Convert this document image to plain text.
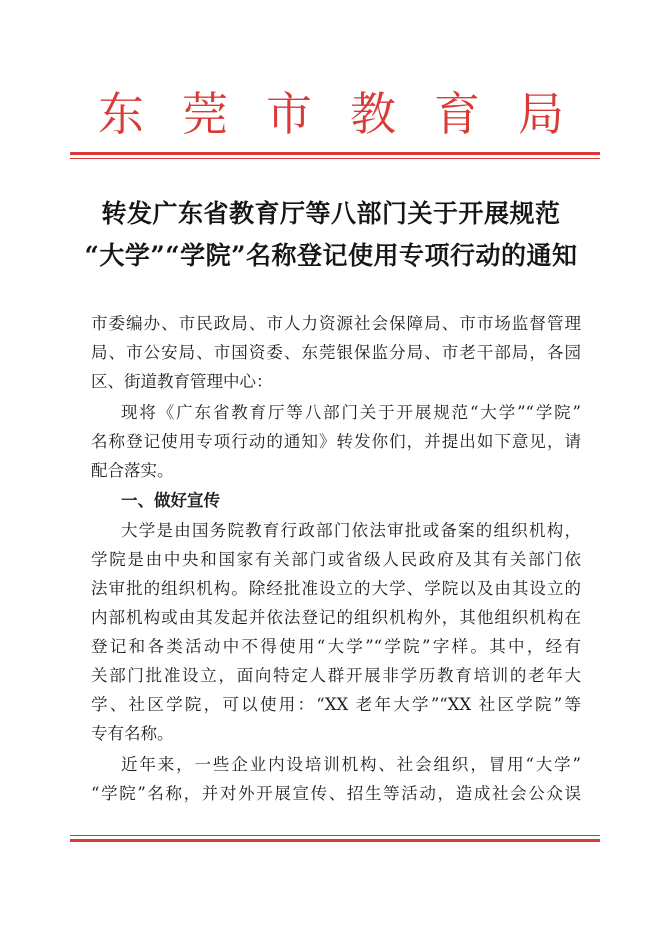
东 莞 市 教 育 局
转发广东省教育厅等八部门关于开展规范
“大学”“学院”名称登记使用专项行动的通知
市委编办、市民政局、市人力资源社会保障局、市市场监督管理
局、市公安局、市国资委、东莞银保监分局、市老干部局，各园
区、街道教育管理中心：
现将《广东省教育厅等八部门关于开展规范“大学”“学院”
名称登记使用专项行动的通知》转发你们，并提出如下意见，请
配合落实。
一、做好宣传
大学是由国务院教育行政部门依法审批或备案的组织机构，
学院是由中央和国家有关部门或省级人民政府及其有关部门依
法审批的组织机构。除经批准设立的大学、学院以及由其设立的
内部机构或由其发起并依法登记的组织机构外，其他组织机构在
登记和各类活动中不得使用“大学”“学院”字样。其中，经有
关部门批准设立，面向特定人群开展非学历教育培训的老年大
学、社区学院，可以使用：“XX 老年大学”“XX 社区学院”等
专有名称。
近年来，一些企业内设培训机构、社会组织，冒用“大学”
“学院”名称，并对外开展宣传、招生等活动，造成社会公众误
